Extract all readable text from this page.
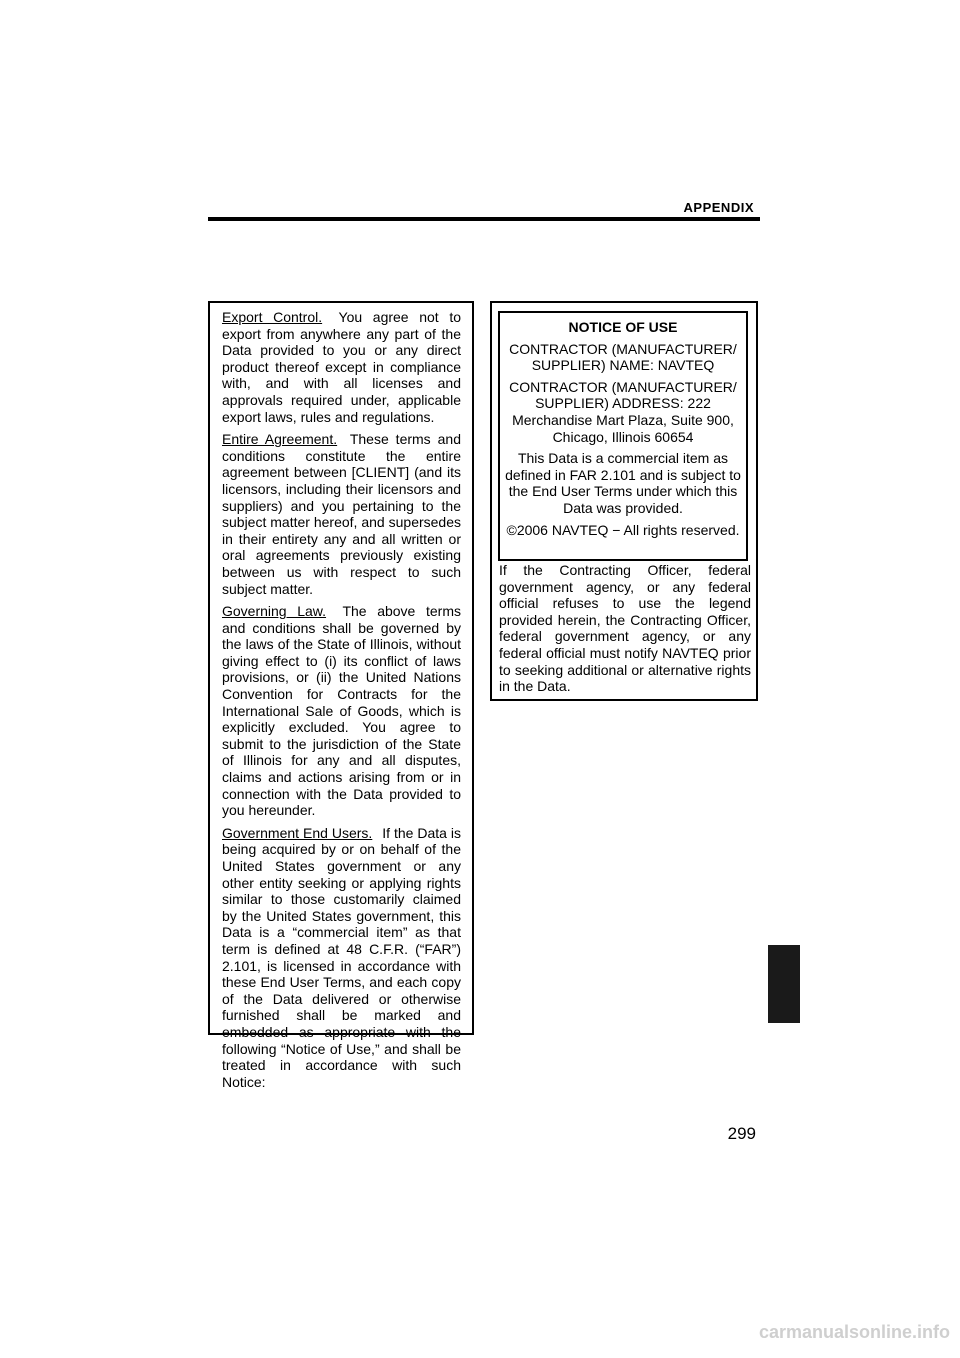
APPENDIX

Export Control. You agree not to export from anywhere any part of the Data provided to you or any direct product thereof except in compliance with, and with all licenses and approvals required under, applicable export laws, rules and regulations.

Entire Agreement. These terms and conditions constitute the entire agreement between [CLIENT] (and its licensors, including their licensors and suppliers) and you pertaining to the subject matter hereof, and supersedes in their entirety any and all written or oral agreements previously existing between us with respect to such subject matter.

Governing Law. The above terms and conditions shall be governed by the laws of the State of Illinois, without giving effect to (i) its conflict of laws provisions, or (ii) the United Nations Convention for Contracts for the International Sale of Goods, which is explicitly excluded. You agree to submit to the jurisdiction of the State of Illinois for any and all disputes, claims and actions arising from or in connection with the Data provided to you hereunder.

Government End Users. If the Data is being acquired by or on behalf of the United States government or any other entity seeking or applying rights similar to those customarily claimed by the United States government, this Data is a “commercial item” as that term is defined at 48 C.F.R. (“FAR”) 2.101, is licensed in accordance with these End User Terms, and each copy of the Data delivered or otherwise furnished shall be marked and embedded as appropriate with the following “Notice of Use,” and shall be treated in accordance with such Notice:

NOTICE OF USE

CONTRACTOR (MANUFACTURER/ SUPPLIER) NAME: NAVTEQ

CONTRACTOR (MANUFACTURER/ SUPPLIER) ADDRESS: 222 Merchandise Mart Plaza, Suite 900, Chicago, Illinois 60654

This Data is a commercial item as defined in FAR 2.101 and is subject to the End User Terms under which this Data was provided.

©2006 NAVTEQ − All rights reserved.

If the Contracting Officer, federal government agency, or any federal official refuses to use the legend provided herein, the Contracting Officer, federal government agency, or any federal official must notify NAVTEQ prior to seeking additional or alternative rights in the Data.

299
carmanualsonline.info
